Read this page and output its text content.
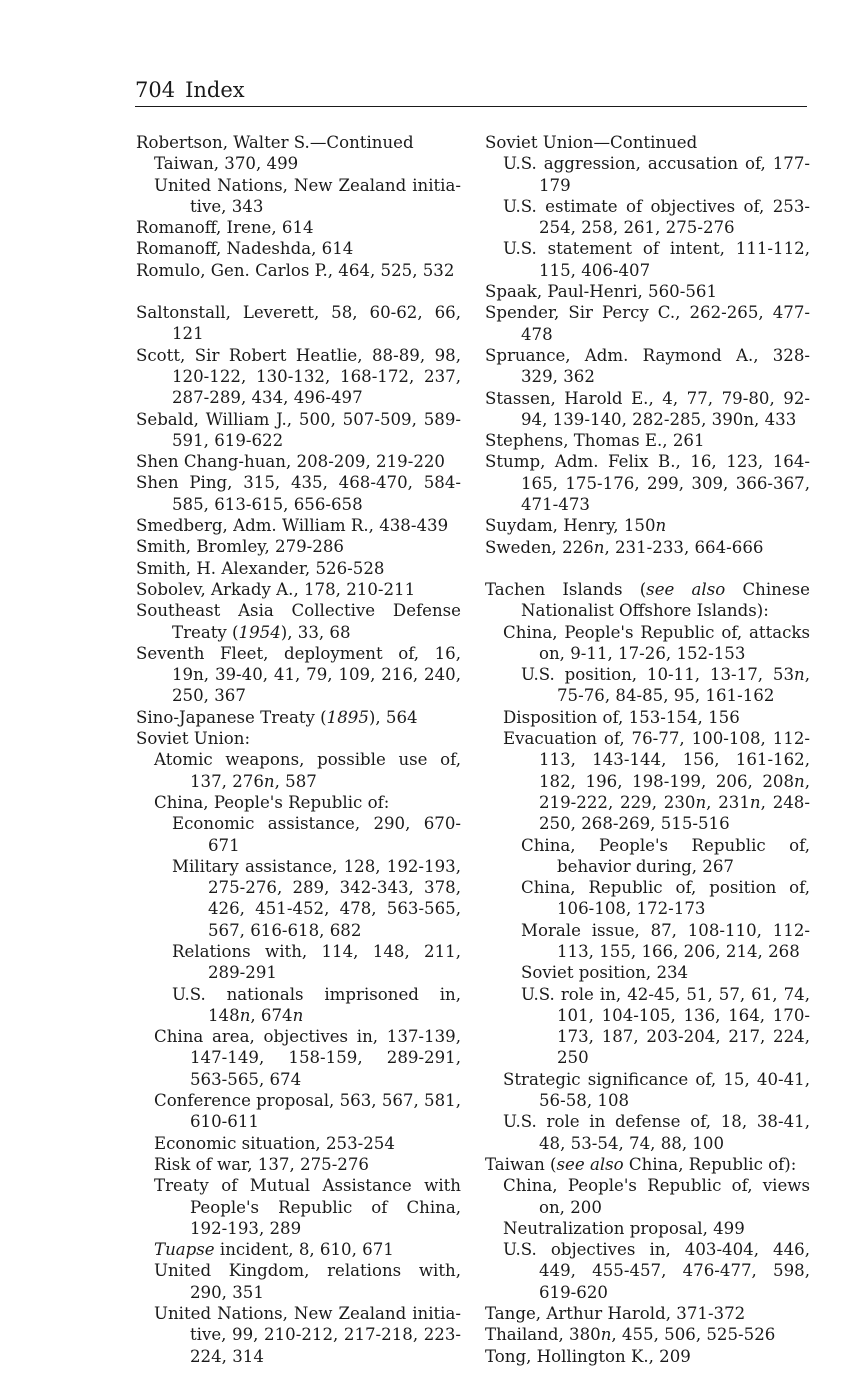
704 Index

Robertson, Walter S.—Continued

Taiwan, 370, 499

United Nations, New Zealand initiative, 343

Romanoff, Irene, 614

Romanoff, Nadeshda, 614

Romulo, Gen. Carlos P., 464, 525, 532

Saltonstall, Leverett, 58, 60-62, 66, 121

Scott, Sir Robert Heatlie, 88-89, 98, 120-122, 130-132, 168-172, 237, 287-289, 434, 496-497

Sebald, William J., 500, 507-509, 589-591, 619-622

Shen Chang-huan, 208-209, 219-220

Shen Ping, 315, 435, 468-470, 584-585, 613-615, 656-658

Smedberg, Adm. William R., 438-439

Smith, Bromley, 279-286

Smith, H. Alexander, 526-528

Sobolev, Arkady A., 178, 210-211

Southeast Asia Collective Defense Treaty (1954), 33, 68

Seventh Fleet, deployment of, 16, 19n, 39-40, 41, 79, 109, 216, 240, 250, 367

Sino-Japanese Treaty (1895), 564

Soviet Union:

Atomic weapons, possible use of, 137, 276n, 587

China, People's Republic of:

Economic assistance, 290, 670-671

Military assistance, 128, 192-193, 275-276, 289, 342-343, 378, 426, 451-452, 478, 563-565, 567, 616-618, 682

Relations with, 114, 148, 211, 289-291

U.S. nationals imprisoned in, 148n, 674n

China area, objectives in, 137-139, 147-149, 158-159, 289-291, 563-565, 674

Conference proposal, 563, 567, 581, 610-611

Economic situation, 253-254

Risk of war, 137, 275-276

Treaty of Mutual Assistance with People's Republic of China, 192-193, 289

Tuapse incident, 8, 610, 671

United Kingdom, relations with, 290, 351

United Nations, New Zealand initiative, 99, 210-212, 217-218, 223-224, 314

Soviet Union—Continued

U.S. aggression, accusation of, 177-179

U.S. estimate of objectives of, 253-254, 258, 261, 275-276

U.S. statement of intent, 111-112, 115, 406-407

Spaak, Paul-Henri, 560-561

Spender, Sir Percy C., 262-265, 477-478

Spruance, Adm. Raymond A., 328-329, 362

Stassen, Harold E., 4, 77, 79-80, 92-94, 139-140, 282-285, 390n, 433

Stephens, Thomas E., 261

Stump, Adm. Felix B., 16, 123, 164-165, 175-176, 299, 309, 366-367, 471-473

Suydam, Henry, 150n

Sweden, 226n, 231-233, 664-666

Tachen Islands (see also Chinese Nationalist Offshore Islands):

China, People's Republic of, attacks on, 9-11, 17-26, 152-153

U.S. position, 10-11, 13-17, 53n, 75-76, 84-85, 95, 161-162

Disposition of, 153-154, 156

Evacuation of, 76-77, 100-108, 112-113, 143-144, 156, 161-162, 182, 196, 198-199, 206, 208n, 219-222, 229, 230n, 231n, 248-250, 268-269, 515-516

China, People's Republic of, behavior during, 267

China, Republic of, position of, 106-108, 172-173

Morale issue, 87, 108-110, 112-113, 155, 166, 206, 214, 268

Soviet position, 234

U.S. role in, 42-45, 51, 57, 61, 74, 101, 104-105, 136, 164, 170-173, 187, 203-204, 217, 224, 250

Strategic significance of, 15, 40-41, 56-58, 108

U.S. role in defense of, 18, 38-41, 48, 53-54, 74, 88, 100

Taiwan (see also China, Republic of):

China, People's Republic of, views on, 200

Neutralization proposal, 499

U.S. objectives in, 403-404, 446, 449, 455-457, 476-477, 598, 619-620

Tange, Arthur Harold, 371-372

Thailand, 380n, 455, 506, 525-526

Tong, Hollington K., 209
